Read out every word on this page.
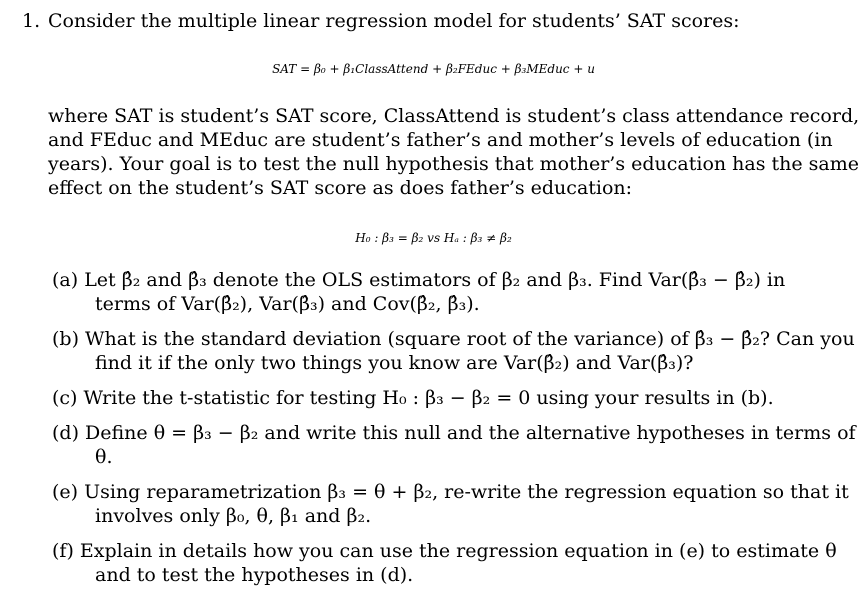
1. Consider the multiple linear regression model for students’ SAT scores:
SAT = β₀ + β₁ClassAttend + β₂FEduc + β₃MEduc + u
where SAT is student’s SAT score, ClassAttend is student’s class attendance record,
and FEduc and MEduc are student’s father’s and mother’s levels of education (in
years). Your goal is to test the null hypothesis that mother’s education has the same
effect on the student’s SAT score as does father’s education:
H₀ : β₃ = β₂ vs Hₐ : β₃ ≠ β₂
(a) Let β̂₂ and β̂₃ denote the OLS estimators of β₂ and β₃. Find Var(β̂₃ − β̂₂) in
terms of Var(β̂₂), Var(β̂₃) and Cov(β̂₂, β̂₃).
(b) What is the standard deviation (square root of the variance) of β̂₃ − β̂₂? Can you
find it if the only two things you know are Var(β̂₂) and Var(β̂₃)?
(c) Write the t-statistic for testing H₀ : β₃ − β₂ = 0 using your results in (b).
(d) Define θ = β₃ − β₂ and write this null and the alternative hypotheses in terms of
θ.
(e) Using reparametrization β₃ = θ + β₂, re-write the regression equation so that it
involves only β₀, θ, β₁ and β₂.
(f) Explain in details how you can use the regression equation in (e) to estimate θ
and to test the hypotheses in (d).
